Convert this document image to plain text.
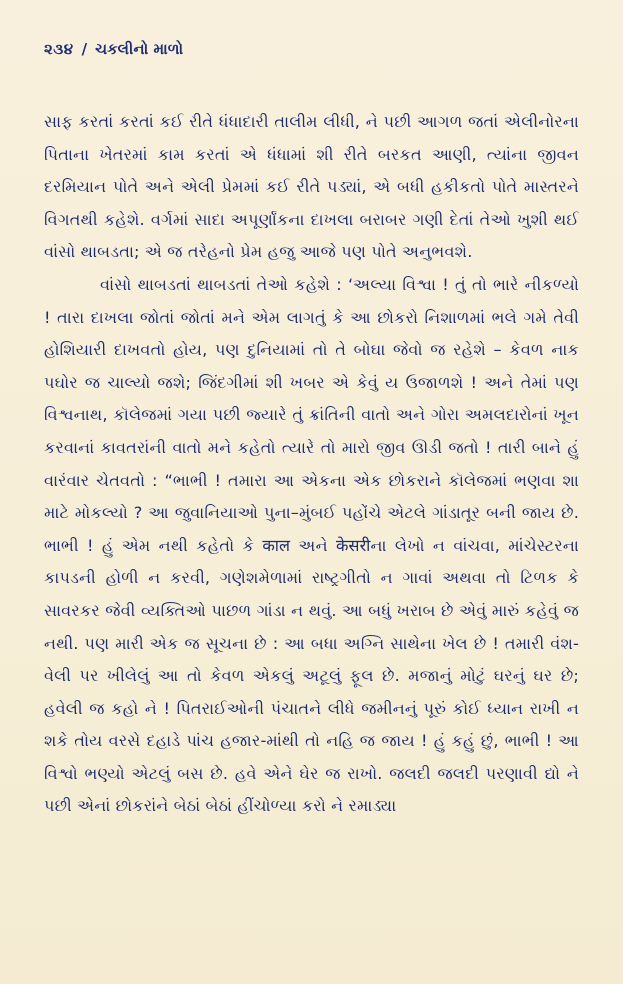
૨૩૪ / ચકલીનો માળો

સાફ કરતાં કરતાં કઈ રીતે ધંધાદારી તાલીમ લીધી, ને પછી આગળ જતાં એલીનોરના પિતાના ખેતરમાં કામ કરતાં એ ધંધામાં શી રીતે બરકત આણી, ત્યાંના જીવન દરમિયાન પોતે અને એલી પ્રેમમાં કઈ રીતે પડ્યાં, એ બધી હકીકતો પોતે માસ્તરને વિગતથી કહેશે. વર્ગમાં સાદા અપૂર્ણાંકના દાખલા બરાબર ગણી દેતાં તેઓ ખુશી થઈ વાંસો થાબડતા; એ જ તરેહનો પ્રેમ હજુ આજે પણ પોતે અનુભવશે.

વાંસો થાબડતાં થાબડતાં તેઓ કહેશે : ‘અલ્યા વિશ્વા ! તું તો ભારે નીકળ્યો ! તારા દાખલા જોતાં જોતાં મને એમ લાગતું કે આ છોકરો નિશાળમાં ભલે ગમે તેવી હોશિયારી દાખવતો હોય, પણ દુનિયામાં તો તે બોઘા જેવો જ રહેશે – કેવળ નાક પઘોર જ ચાલ્યો જશે; જિંદગીમાં શી ખબર એ કેવું ય ઉજાળશે ! અને તેમાં પણ વિશ્વનાથ, કૉલેજમાં ગયા પછી જ્યારે તું ક્રાંતિની વાતો અને ગોરા અમલદારોનાં ખૂન કરવાનાં કાવતરાંની વાતો મને કહેતો ત્યારે તો મારો જીવ ઊડી જતો ! તારી બાને હું વારંવાર ચેતવતો : “ભાભી ! તમારા આ એકના એક છોકરાને કૉલેજમાં ભણવા શા માટે મોકલ્યો ? આ જુવાનિયાઓ પુના–મુંબઈ પહોંચે એટલે ગાંડાતૂર બની જાય છે. ભાભી ! હું એમ નથી કહેતો કે काल અને केसरीના લેખો ન વાંચવા, માંચેસ્ટરના કાપડની હોળી ન કરવી, ગણેશમેળામાં રાષ્ટ્રગીતો ન ગાવાં અથવા તો ટિળક કે સાવરકર જેવી વ્યક્તિઓ પાછળ ગાંડા ન થવું. આ બધું ખરાબ છે એવું મારું કહેવું જ નથી. પણ મારી એક જ સૂચના છે : આ બધા અગ્નિ સાથેના ખેલ છે ! તમારી વંશ-વેલી પર ખીલેલું આ તો કેવળ એકલું અટૂલું ફૂલ છે. મજાનું મોટું ઘરનું ઘર છે; હવેલી જ કહો ને ! પિતરાઈઓની પંચાતને લીધે જમીનનું પૂરું કોઈ ધ્યાન રાખી ન શકે તોય વરસે દહાડે પાંચ હજાર-માંથી તો નહિ જ જાય ! હું કહું છું, ભાભી ! આ વિશ્વો ભણ્યો એટલું બસ છે. હવે એને ઘેર જ રાખો. જલદી જલદી પરણાવી દ્યો ને પછી એનાં છોકરાંને બેઠાં બેઠાં હીંચોળ્યા કરો ને રમાડ્યા
